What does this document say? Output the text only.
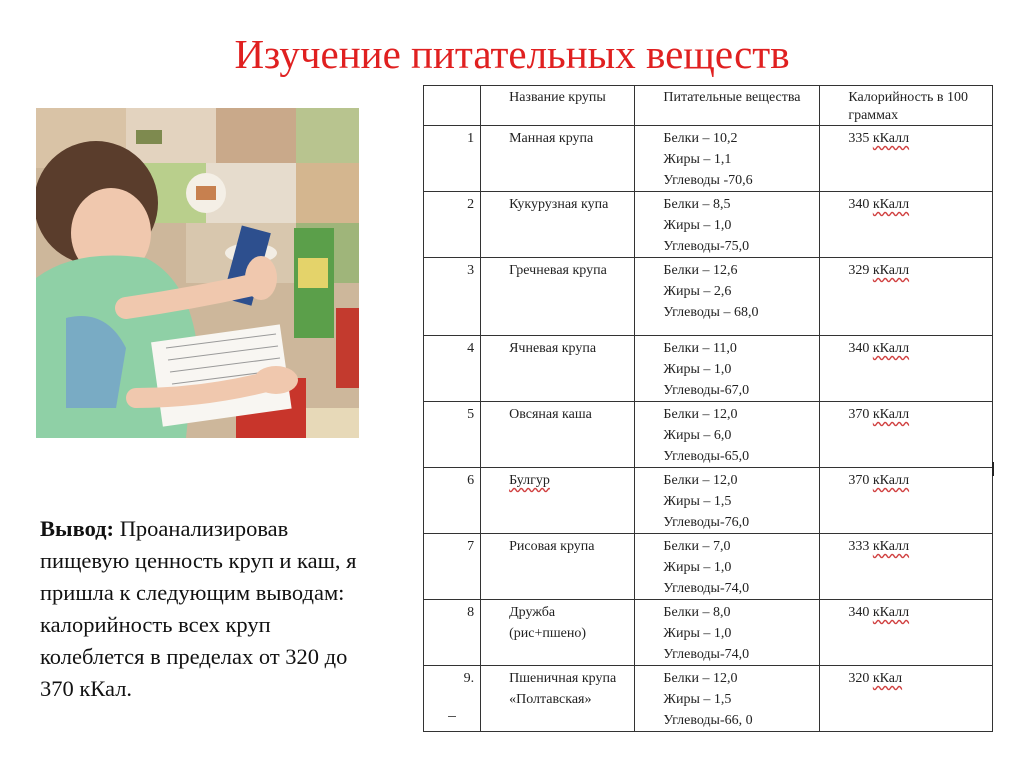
Изучение питательных веществ
Вывод: Проанализировав пищевую ценность круп и каш, я пришла к следующим выводам: калорийность всех круп колеблется в пределах от 320 до 370 кКал.
	Название крупы	Питательные вещества	Калорийность в 100 граммах
1	Манная крупа	Белки – 10,2
Жиры – 1,1
Углеводы -70,6	335 кКалл
2	Кукурузная купа	Белки – 8,5
Жиры – 1,0
Углеводы-75,0	340 кКалл
3	Гречневая крупа	Белки – 12,6
Жиры – 2,6
Углеводы – 68,0	329 кКалл
4	Ячневая крупа	Белки – 11,0
Жиры – 1,0
Углеводы-67,0	340 кКалл
5	Овсяная каша	Белки – 12,0
Жиры – 6,0
Углеводы-65,0	370 кКалл
6	Булгур	Белки – 12,0
Жиры – 1,5
Углеводы-76,0	370 кКалл
7	Рисовая крупа	Белки – 7,0
Жиры – 1,0
Углеводы-74,0	333 кКалл
8	Дружба (рис+пшено)	Белки – 8,0
Жиры – 1,0
Углеводы-74,0	340 кКалл
9.	Пшеничная крупа «Полтавская»	Белки – 12,0
Жиры – 1,5
Углеводы-66, 0	320 кКал
